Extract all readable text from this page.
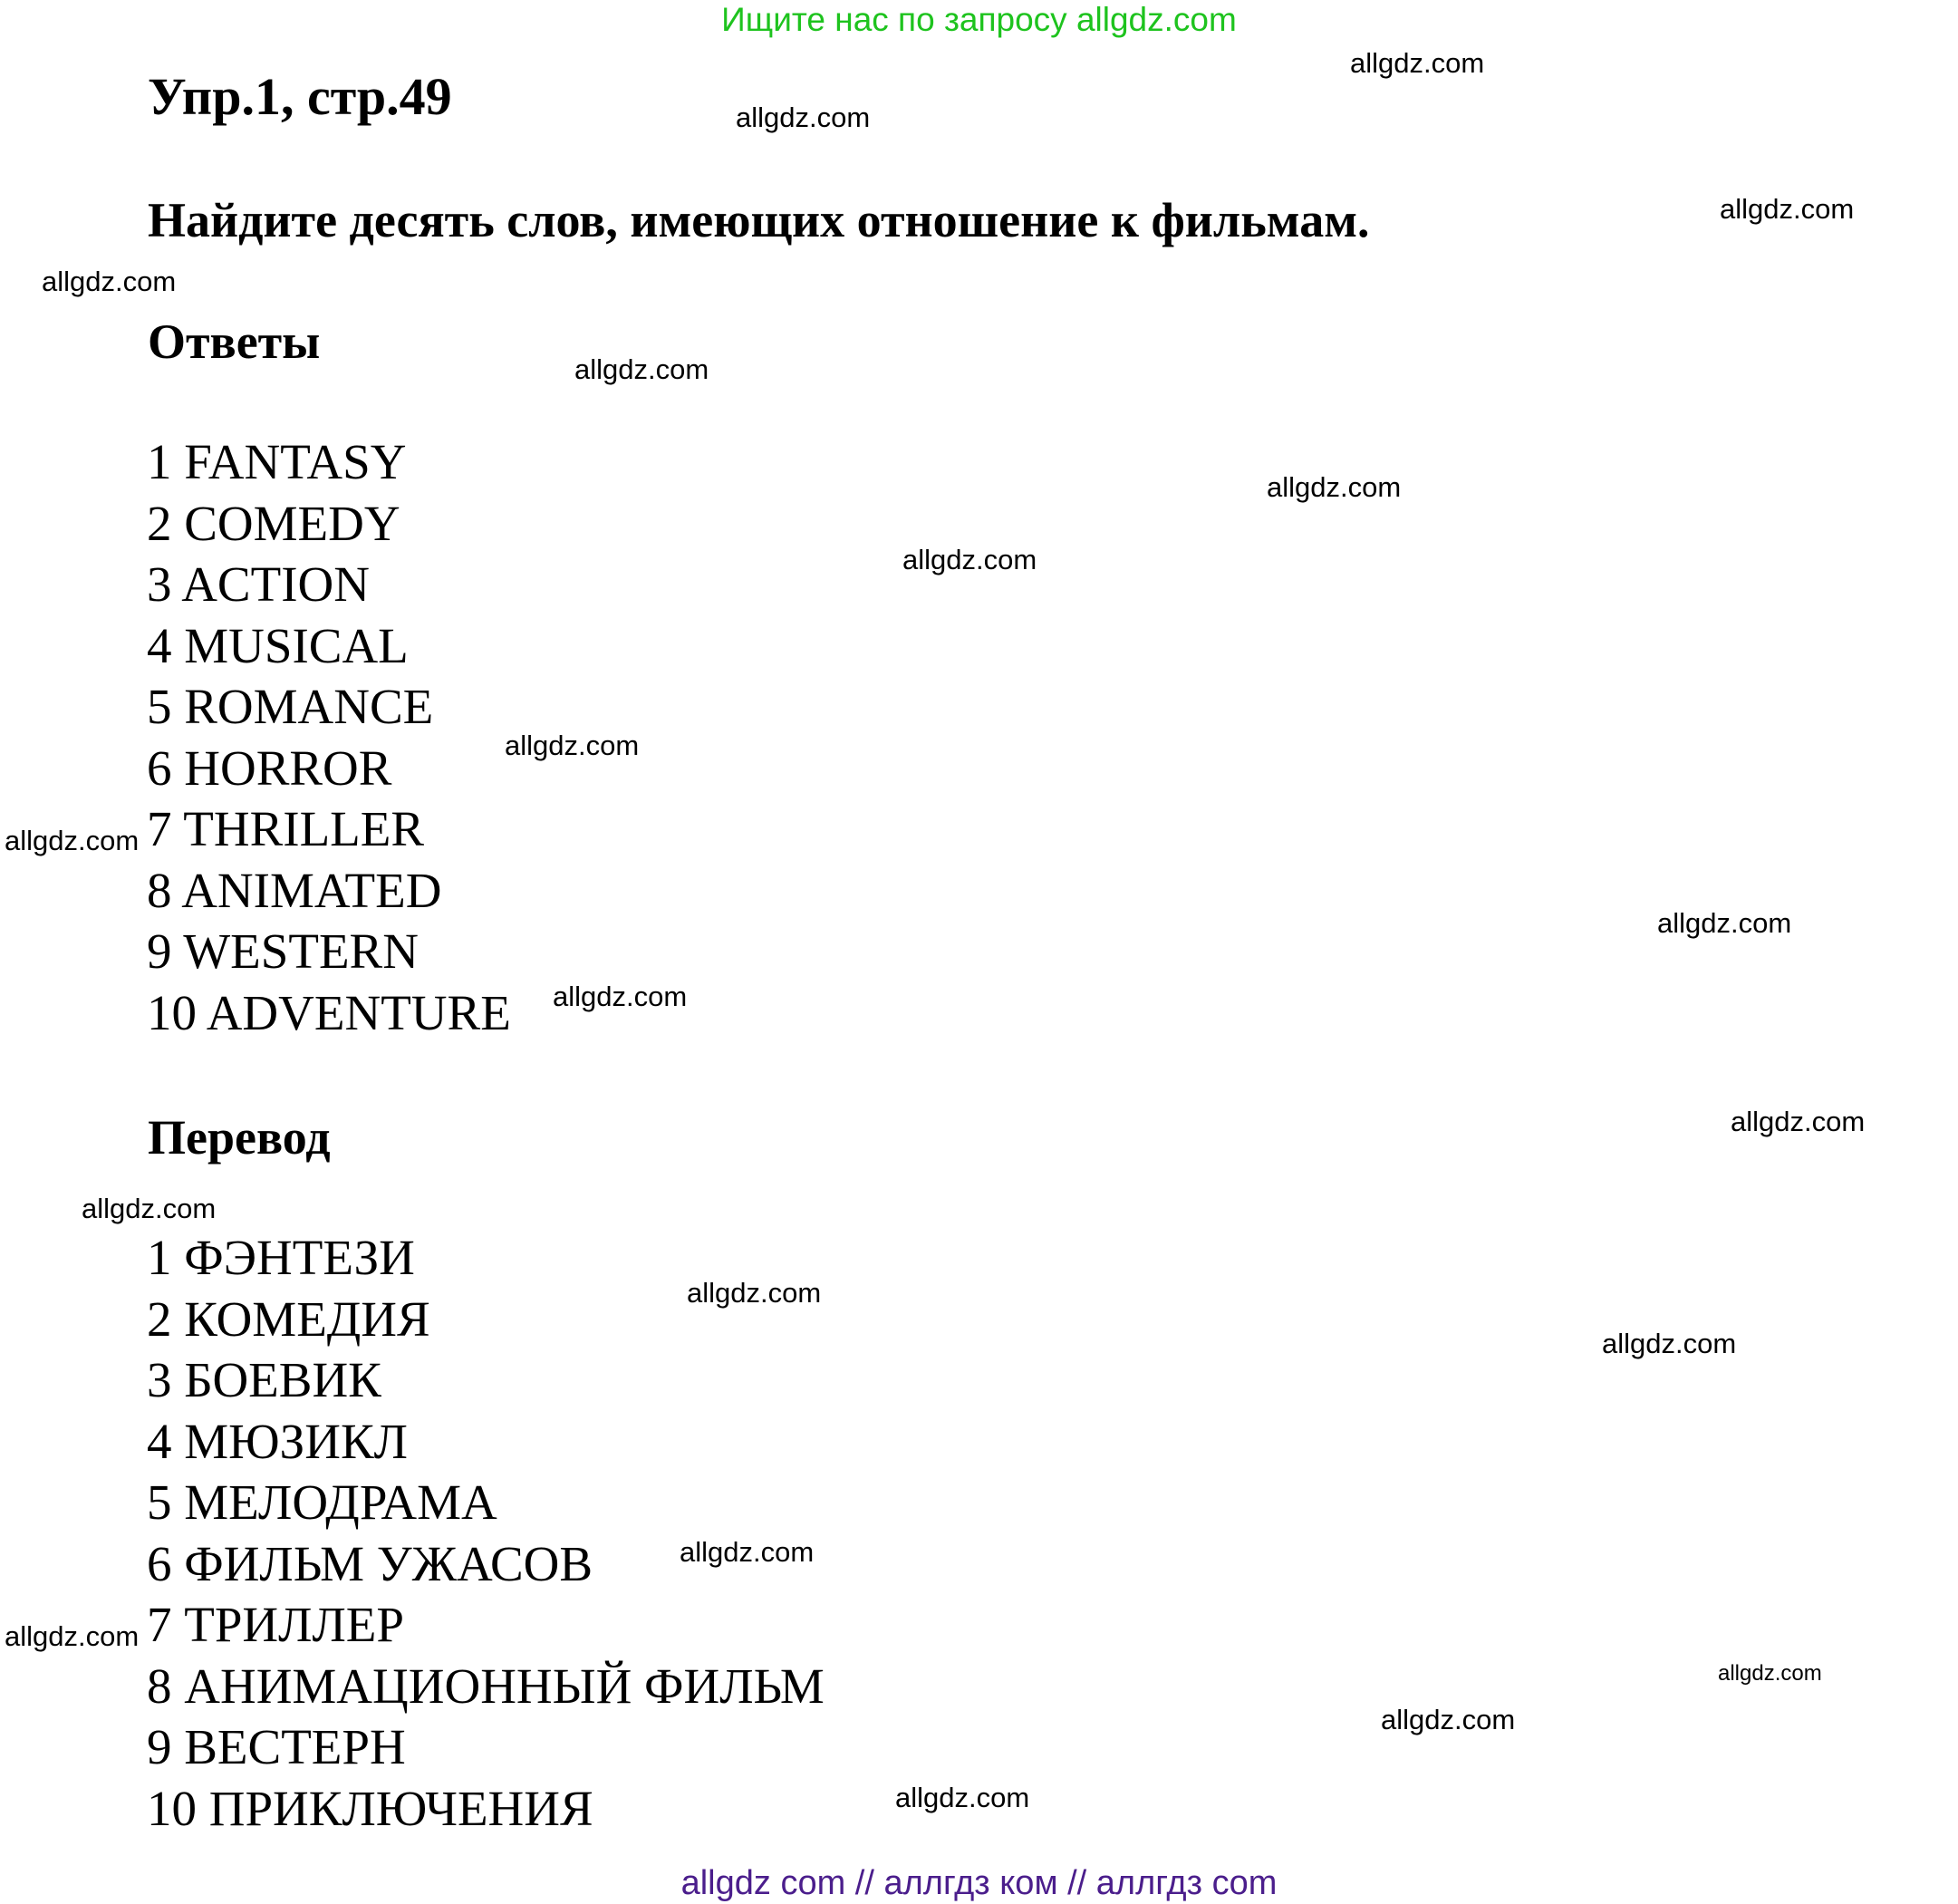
Ищите нас по запросу allgdz.com
Упр.1, стр.49
Найдите десять слов, имеющих отношение к фильмам.
Ответы
1 FANTASY
2 COMEDY
3 ACTION
4 MUSICAL
5 ROMANCE
6 HORROR
7 THRILLER
8 ANIMATED
9 WESTERN
10 ADVENTURE
Перевод
1 ФЭНТЕЗИ
2 КОМЕДИЯ
3 БОЕВИК
4 МЮЗИКЛ
5 МЕЛОДРАМА
6 ФИЛЬМ УЖАСОВ
7 ТРИЛЛЕР
8 АНИМАЦИОННЫЙ ФИЛЬМ
9 ВЕСТЕРН
10 ПРИКЛЮЧЕНИЯ
allgdz.com
allgdz.com
allgdz.com
allgdz.com
allgdz.com
allgdz.com
allgdz.com
allgdz.com
allgdz.com
allgdz.com
allgdz.com
allgdz.com
allgdz.com
allgdz.com
allgdz.com
allgdz.com
allgdz.com
allgdz.com
allgdz.com
allgdz.com
allgdz com // аллгдз ком // аллгдз com
